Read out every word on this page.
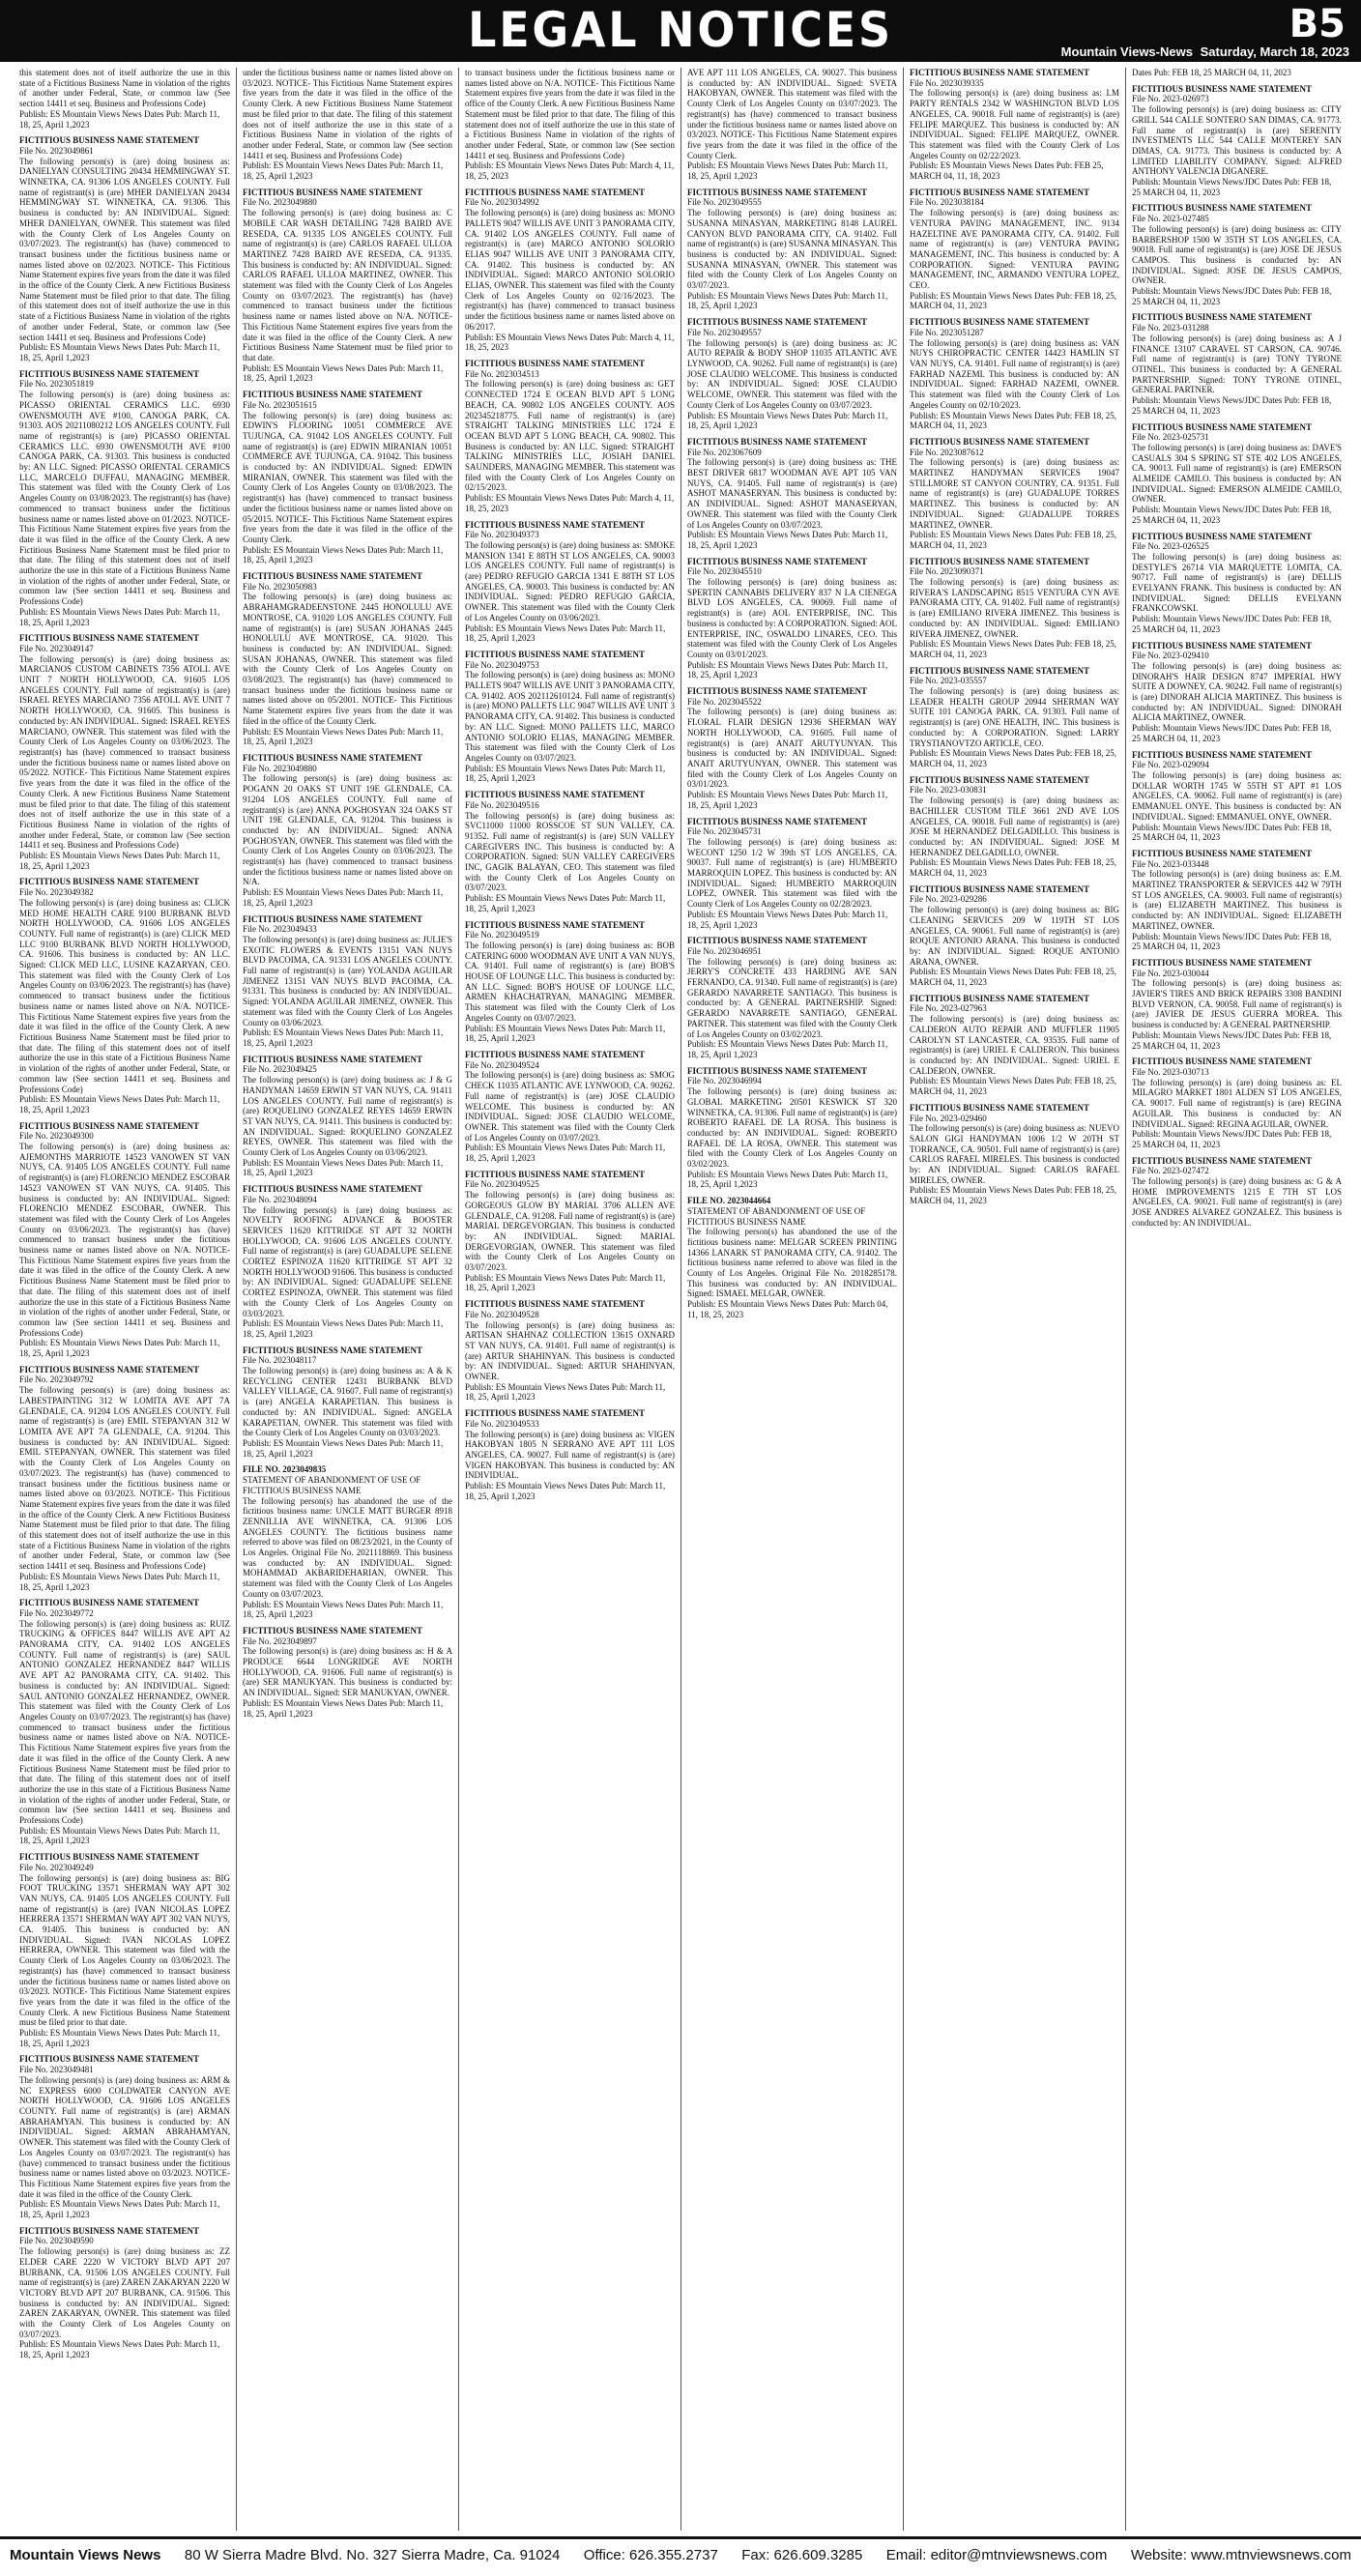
LEGAL NOTICES	B5
Mountain Views-News Saturday, March 18, 2023
this statement does not of itself authorize the use in this state of a Fictitious Business Name in violation of the rights of another under Federal, State, or common law (See section 14411 et seq. Business and Professions Code)
Publish: ES Mountain Views News Dates Pub: March 11, 18, 25, April 1,2023
FICTITIOUS BUSINESS NAME STATEMENT
File No. 2023049861
The following person(s) is (are) doing business as: DANIELYAN CONSULTING 20434 HEMMINGWAY ST. WINNETKA, CA. 91306 LOS ANGELES COUNTY. Full name of registrant(s) is (are) MHER DANIELYAN 20434 HEMMINGWAY ST. WINNETKA, CA. 91306. This business is conducted by: AN INDIVIDUAL. Signed: MHER DANIELYAN, OWNER. This statement was filed with the County Clerk of Los Angeles County on 03/07/2023. The registrant(s) has (have) commenced to transact business under the fictitious business name or names listed above on 02/2023. NOTICE- This Fictitious Name Statement expires five years from the date it was filed in the office of the County Clerk. A new Fictitious Business Name Statement must be filed prior to that date. The filing of this statement does not of itself authorize the use in this state of a Fictitious Business Name in violation of the rights of another under Federal, State, or common law (See section 14411 et seq. Business and Professions Code)
Publish: ES Mountain Views News Dates Pub: March 11, 18, 25, April 1,2023
FICTITIOUS BUSINESS NAME STATEMENT
File No. 2023051819
The following person(s) is (are) doing business as: PICASSO ORIENTAL CERAMICS LLC. 6930 OWENSMOUTH AVE #100, CANOGA PARK, CA. 91303. AOS 20211080212 LOS ANGELES COUNTY. Full name of registrant(s) is (are) PICASSO ORIENTAL CERAMICS LLC. 6930 OWENSMOUTH AVE #100 CANOGA PARK, CA. 91303. This business is conducted by: AN LLC. Signed: PICASSO ORIENTAL CERAMICS LLC, MARCELO DUFFAU, MANAGING MEMBER. This statement was filed with the County Clerk of Los Angeles County on 03/08/2023. The registrant(s) has (have) commenced to transact business under the fictitious business name or names listed above on 01/2023. NOTICE- This Fictitious Name Statement expires five years from the date it was filed in the office of the County Clerk. A new Fictitious Business Name Statement must be filed prior to that date. The filing of this statement does not of itself authorize the use in this state of a Fictitious Business Name in violation of the rights of another under Federal, State, or common law (See section 14411 et seq. Business and Professions Code)
Publish: ES Mountain Views News Dates Pub: March 11, 18, 25, April 1,2023
FICTITIOUS BUSINESS NAME STATEMENT
File No. 2023049147
The following person(s) is (are) doing business as: MARCIANOS CUSTOM CABINETS 7356 ATOLL AVE UNIT 7 NORTH HOLLYWOOD, CA. 91605 LOS ANGELES COUNTY. Full name of registrant(s) is (are) ISRAEL REYES MARCIANO 7356 ATOLL AVE UNIT 7 NORTH HOLLYWOOD, CA. 91605. This business is conducted by: AN INDIVIDUAL. Signed: ISRAEL REYES MARCIANO, OWNER. This statement was filed with the County Clerk of Los Angeles County on 03/06/2023. The registrant(s) has (have) commenced to transact business under the fictitious business name or names listed above on 05/2022. NOTICE- This Fictitious Name Statement expires five years from the date it was filed in the office of the County Clerk. A new Fictitious Business Name Statement must be filed prior to that date. The filing of this statement does not of itself authorize the use in this state of a Fictitious Business Name in violation of the rights of another under Federal, State, or common law (See section 14411 et seq. Business and Professions Code)
Publish: ES Mountain Views News Dates Pub: March 11, 18, 25, April 1,2023
FICTITIOUS BUSINESS NAME STATEMENT
File No. 2023049382
The following person(s) is (are) doing business as: CLICK MED HOME HEALTH CARE 9100 BURBANK BLVD NORTH HOLLYWOOD, CA. 91606 LOS ANGELES COUNTY. Full name of registrant(s) is (are) CLICK MED LLC 9100 BURBANK BLVD NORTH HOLLYWOOD, CA. 91606. This business is conducted by: AN LLC. Signed: CLICK MED LLC, LUSINE KAZARYAN, CEO. This statement was filed with the County Clerk of Los Angeles County on 03/06/2023. The registrant(s) has (have) commenced to transact business under the fictitious business name or names listed above on N/A. NOTICE- This Fictitious Name Statement expires five years from the date it was filed in the office of the County Clerk. A new Fictitious Business Name Statement must be filed prior to that date. The filing of this statement does not of itself authorize the use in this state of a Fictitious Business Name in violation of the rights of another under Federal, State, or common law (See section 14411 et seq. Business and Professions Code)
Publish: ES Mountain Views News Dates Pub: March 11, 18, 25, April 1,2023
FICTITIOUS BUSINESS NAME STATEMENT
File No. 2023049300
The following person(s) is (are) doing business as: AJEMONTHS MARRIOTE 14523 VANOWEN ST VAN NUYS, CA. 91405 LOS ANGELES COUNTY. Full name of registrant(s) is (are) FLORENCIO MENDEZ ESCOBAR 14523 VANOWEN ST VAN NUYS, CA. 91405. This business is conducted by: AN INDIVIDUAL. Signed: FLORENCIO MENDEZ ESCOBAR, OWNER. This statement was filed with the County Clerk of Los Angeles County on 03/06/2023. The registrant(s) has (have) commenced to transact business under the fictitious business name or names listed above on N/A. NOTICE- This Fictitious Name Statement expires five years from the date it was filed in the office of the County Clerk. A new Fictitious Business Name Statement must be filed prior to that date. The filing of this statement does not of itself authorize the use in this state of a Fictitious Business Name in violation of the rights of another under Federal, State, or common law (See section 14411 et seq. Business and Professions Code)
Publish: ES Mountain Views News Dates Pub: March 11, 18, 25, April 1,2023
FICTITIOUS BUSINESS NAME STATEMENT
File No. 2023049792
The following person(s) is (are) doing business as: LABESTPAINTING 312 W LOMITA AVE APT 7A GLENDALE, CA. 91204 LOS ANGELES COUNTY. Full name of registrant(s) is (are) EMIL STEPANYAN 312 W LOMITA AVE APT 7A GLENDALE, CA. 91204. This business is conducted by: AN INDIVIDUAL. Signed: EMIL STEPANYAN, OWNER. This statement was filed with the County Clerk of Los Angeles County on 03/07/2023. The registrant(s) has (have) commenced to transact business under the fictitious business name or names listed above on 03/2023. NOTICE- This Fictitious Name Statement expires five years from the date it was filed in the office of the County Clerk. A new Fictitious Business Name Statement must be filed prior to that date. The filing of this statement does not of itself authorize the use in this state of a Fictitious Business Name in violation of the rights of another under Federal, State, or common law (See section 14411 et seq. Business and Professions Code)
Publish: ES Mountain Views News Dates Pub: March 11, 18, 25, April 1,2023
FICTITIOUS BUSINESS NAME STATEMENT
File No. 2023049772
The following person(s) is (are) doing business as: RUIZ TRUCKING & OFFICES 8447 WILLIS AVE APT A2 PANORAMA CITY, CA. 91402 LOS ANGELES COUNTY. Full name of registrant(s) is (are) SAUL ANTONIO GONZALEZ HERNANDEZ 8447 WILLIS AVE APT A2 PANORAMA CITY, CA. 91402. This business is conducted by: AN INDIVIDUAL. Signed: SAUL ANTONIO GONZALEZ HERNANDEZ, OWNER. This statement was filed with the County Clerk of Los Angeles County on 03/07/2023. The registrant(s) has (have) commenced to transact business under the fictitious business name or names listed above on N/A. NOTICE- This Fictitious Name Statement expires five years from the date it was filed in the office of the County Clerk. A new Fictitious Business Name Statement must be filed prior to that date. The filing of this statement does not of itself authorize the use in this state of a Fictitious Business Name in violation of the rights of another under Federal, State, or common law (See section 14411 et seq. Business and Professions Code)
Publish: ES Mountain Views News Dates Pub: March 11, 18, 25, April 1,2023
FICTITIOUS BUSINESS NAME STATEMENT
File No. 2023049249
The following person(s) is (are) doing business as: BIG FOOT TRUCKING 13571 SHERMAN WAY APT 302 VAN NUYS, CA. 91405 LOS ANGELES COUNTY. Full name of registrant(s) is (are) IVAN NICOLAS LOPEZ HERRERA 13571 SHERMAN WAY APT 302 VAN NUYS, CA. 91405. This business is conducted by: AN INDIVIDUAL. Signed: IVAN NICOLAS LOPEZ HERRERA, OWNER. This statement was filed with the County Clerk of Los Angeles County on 03/06/2023. The registrant(s) has (have) commenced to transact business under the fictitious business name or names listed above on 03/2023. NOTICE- This Fictitious Name Statement expires five years from the date it was filed in the office of the County Clerk. A new Fictitious Business Name Statement must be filed prior to that date.
Publish: ES Mountain Views News Dates Pub: March 11, 18, 25, April 1,2023
FICTITIOUS BUSINESS NAME STATEMENT
File No. 2023049481
The following person(s) is (are) doing business as: ARM & NC EXPRESS 6000 COLDWATER CANYON AVE NORTH HOLLYWOOD, CA. 91606 LOS ANGELES COUNTY. Full name of registrant(s) is (are) ARMAN ABRAHAMYAN. This business is conducted by: AN INDIVIDUAL. Signed: ARMAN ABRAHAMYAN, OWNER. This statement was filed with the County Clerk of Los Angeles County on 03/07/2023. The registrant(s) has (have) commenced to transact business under the fictitious business name or names listed above on 03/2023. NOTICE- This Fictitious Name Statement expires five years from the date it was filed in the office of the County Clerk.
Publish: ES Mountain Views News Dates Pub: March 11, 18, 25, April 1,2023
FICTITIOUS BUSINESS NAME STATEMENT
File No. 2023049590
The following person(s) is (are) doing business as: ZZ ELDER CARE 2220 W VICTORY BLVD APT 207 BURBANK, CA. 91506 LOS ANGELES COUNTY. Full name of registrant(s) is (are) ZAREN ZAKARYAN 2220 W VICTORY BLVD APT 207 BURBANK, CA. 91506. This business is conducted by: AN INDIVIDUAL. Signed: ZAREN ZAKARYAN, OWNER. This statement was filed with the County Clerk of Los Angeles County on 03/07/2023.
Publish: ES Mountain Views News Dates Pub: March 11, 18, 25, April 1,2023
under the fictitious business name or names listed above on 03/2023. NOTICE- This Fictitious Name Statement expires five years from the date it was filed in the office of the County Clerk. A new Fictitious Business Name Statement must be filed prior to that date. The filing of this statement does not of itself authorize the use in this state of a Fictitious Business Name in violation of the rights of another under Federal, State, or common law (See section 14411 et seq. Business and Professions Code)
Publish: ES Mountain Views News Dates Pub: March 11, 18, 25, April 1,2023
FICTITIOUS BUSINESS NAME STATEMENT
File No. 2023049880
The following person(s) is (are) doing business as: C MOBILE CAR WASH DETAILING 7428 BAIRD AVE RESEDA, CA. 91335 LOS ANGELES COUNTY. Full name of registrant(s) is (are) CARLOS RAFAEL ULLOA MARTINEZ 7428 BAIRD AVE RESEDA, CA. 91335. This business is conducted by: AN INDIVIDUAL. Signed: CARLOS RAFAEL ULLOA MARTINEZ, OWNER. This statement was filed with the County Clerk of Los Angeles County on 03/07/2023. The registrant(s) has (have) commenced to transact business under the fictitious business name or names listed above on N/A. NOTICE- This Fictitious Name Statement expires five years from the date it was filed in the office of the County Clerk. A new Fictitious Business Name Statement must be filed prior to that date.
Publish: ES Mountain Views News Dates Pub: March 11, 18, 25, April 1,2023
FICTITIOUS BUSINESS NAME STATEMENT
File No. 2023051615
The following person(s) is (are) doing business as: EDWIN'S FLOORING 10051 COMMERCE AVE TUJUNGA, CA. 91042 LOS ANGELES COUNTY. Full name of registrant(s) is (are) EDWIN MIRANIAN 10051 COMMERCE AVE TUJUNGA, CA. 91042. This business is conducted by: AN INDIVIDUAL. Signed: EDWIN MIRANIAN, OWNER. This statement was filed with the County Clerk of Los Angeles County on 03/08/2023. The registrant(s) has (have) commenced to transact business under the fictitious business name or names listed above on 05/2015. NOTICE- This Fictitious Name Statement expires five years from the date it was filed in the office of the County Clerk.
Publish: ES Mountain Views News Dates Pub: March 11, 18, 25, April 1,2023
FICTITIOUS BUSINESS NAME STATEMENT
File No. 2023050983
The following person(s) is (are) doing business as: ABRAHAMGRADEENSTONE 2445 HONOLULU AVE MONTROSE, CA. 91020 LOS ANGELES COUNTY. Full name of registrant(s) is (are) SUSAN JOHANAS 2445 HONOLULU AVE MONTROSE, CA. 91020. This business is conducted by: AN INDIVIDUAL. Signed: SUSAN JOHANAS, OWNER. This statement was filed with the County Clerk of Los Angeles County on 03/08/2023. The registrant(s) has (have) commenced to transact business under the fictitious business name or names listed above on 05/2001. NOTICE- This Fictitious Name Statement expires five years from the date it was filed in the office of the County Clerk.
Publish: ES Mountain Views News Dates Pub: March 11, 18, 25, April 1,2023
FICTITIOUS BUSINESS NAME STATEMENT
File No. 2023049880
The following person(s) is (are) doing business as: POGANN 20 OAKS ST UNIT 19E GLENDALE, CA. 91204 LOS ANGELES COUNTY. Full name of registrant(s) is (are) ANNA POGHOSYAN 324 OAKS ST UNIT 19E GLENDALE, CA. 91204. This business is conducted by: AN INDIVIDUAL. Signed: ANNA POGHOSYAN, OWNER. This statement was filed with the County Clerk of Los Angeles County on 03/06/2023. The registrant(s) has (have) commenced to transact business under the fictitious business name or names listed above on N/A.
Publish: ES Mountain Views News Dates Pub: March 11, 18, 25, April 1,2023
FICTITIOUS BUSINESS NAME STATEMENT
File No. 2023049433
The following person(s) is (are) doing business as: JULIE'S EXOTIC FLOWERS & EVENTS 13151 VAN NUYS BLVD PACOIMA, CA. 91331 LOS ANGELES COUNTY. Full name of registrant(s) is (are) YOLANDA AGUILAR JIMENEZ 13151 VAN NUYS BLVD PACOIMA, CA. 91331. This business is conducted by: AN INDIVIDUAL. Signed: YOLANDA AGUILAR JIMENEZ, OWNER. This statement was filed with the County Clerk of Los Angeles County on 03/06/2023.
Publish: ES Mountain Views News Dates Pub: March 11, 18, 25, April 1,2023
FICTITIOUS BUSINESS NAME STATEMENT
File No. 2023049425
The following person(s) is (are) doing business as: J & G HANDYMAN 14659 ERWIN ST VAN NUYS, CA. 91411 LOS ANGELES COUNTY. Full name of registrant(s) is (are) ROQUELINO GONZALEZ REYES 14659 ERWIN ST VAN NUYS, CA. 91411. This business is conducted by: AN INDIVIDUAL. Signed: ROQUELINO GONZALEZ REYES, OWNER. This statement was filed with the County Clerk of Los Angeles County on 03/06/2023.
Publish: ES Mountain Views News Dates Pub: March 11, 18, 25, April 1,2023
FICTITIOUS BUSINESS NAME STATEMENT
File No. 2023048094
The following person(s) is (are) doing business as: NOVELTY ROOFING ADVANCE & BOOSTER SERVICES 11620 KITTRIDGE ST APT 32 NORTH HOLLYWOOD, CA. 91606 LOS ANGELES COUNTY. Full name of registrant(s) is (are) GUADALUPE SELENE CORTEZ ESPINOZA 11620 KITTRIDGE ST APT 32 NORTH HOLLYWOOD 91606. This business is conducted by: AN INDIVIDUAL. Signed: GUADALUPE SELENE CORTEZ ESPINOZA, OWNER. This statement was filed with the County Clerk of Los Angeles County on 03/03/2023.
Publish: ES Mountain Views News Dates Pub: March 11, 18, 25, April 1,2023
FICTITIOUS BUSINESS NAME STATEMENT
File No. 2023048117
The following person(s) is (are) doing business as: A & K RECYCLING CENTER 12431 BURBANK BLVD VALLEY VILLAGE, CA. 91607. Full name of registrant(s) is (are) ANGELA KARAPETIAN. This business is conducted by: AN INDIVIDUAL. Signed: ANGELA KARAPETIAN, OWNER. This statement was filed with the County Clerk of Los Angeles County on 03/03/2023.
Publish: ES Mountain Views News Dates Pub: March 11, 18, 25, April 1,2023
FILE NO. 2023049835
STATEMENT OF ABANDONMENT OF USE OF FICTITIOUS BUSINESS NAME
The following person(s) has abandoned the use of the fictitious business name: UNCLE MATT BURGER 8918 ZENNILLIA AVE WINNETKA, CA. 91306 LOS ANGELES COUNTY. The fictitious business name referred to above was filed on 08/23/2021, in the County of Los Angeles. Original File No. 2021118869. This business was conducted by: AN INDIVIDUAL. Signed: MOHAMMAD AKBARIDEHARIAN, OWNER. This statement was filed with the County Clerk of Los Angeles County on 03/07/2023.
Publish: ES Mountain Views News Dates Pub: March 11, 18, 25, April 1,2023
FICTITIOUS BUSINESS NAME STATEMENT
File No. 2023049897
The following person(s) is (are) doing business as: H & A PRODUCE 6644 LONGRIDGE AVE NORTH HOLLYWOOD, CA. 91606. Full name of registrant(s) is (are) SER MANUKYAN. This business is conducted by: AN INDIVIDUAL. Signed: SER MANUKYAN, OWNER.
Publish: ES Mountain Views News Dates Pub: March 11, 18, 25, April 1,2023
to transact business under the fictitious business name or names listed above on N/A. NOTICE- This Fictitious Name Statement expires five years from the date it was filed in the office of the County Clerk. A new Fictitious Business Name Statement must be filed prior to that date. The filing of this statement does not of itself authorize the use in this state of a Fictitious Business Name in violation of the rights of another under Federal, State, or common law (See section 14411 et seq. Business and Professions Code)
Publish: ES Mountain Views News Dates Pub: March 4, 11, 18, 25, 2023
FICTITIOUS BUSINESS NAME STATEMENT
File No. 2023034992
The following person(s) is (are) doing business as: MONO PALLETS 9047 WILLIS AVE UNIT 3 PANORAMA CITY, CA. 91402 LOS ANGELES COUNTY. Full name of registrant(s) is (are) MARCO ANTONIO SOLORIO ELIAS 9047 WILLIS AVE UNIT 3 PANORAMA CITY, CA. 91402. This business is conducted by: AN INDIVIDUAL. Signed: MARCO ANTONIO SOLORIO ELIAS, OWNER. This statement was filed with the County Clerk of Los Angeles County on 02/16/2023. The registrant(s) has (have) commenced to transact business under the fictitious business name or names listed above on 06/2017.
Publish: ES Mountain Views News Dates Pub: March 4, 11, 18, 25, 2023
FICTITIOUS BUSINESS NAME STATEMENT
File No. 2023034513
The following person(s) is (are) doing business as: GET CONNECTED 1724 E OCEAN BLVD APT 5 LONG BEACH, CA. 90802 LOS ANGELES COUNTY. AOS 202345218775. Full name of registrant(s) is (are) STRAIGHT TALKING MINISTRIES LLC 1724 E OCEAN BLVD APT 5 LONG BEACH, CA. 90802. This Business is conducted by: AN LLC. Signed: STRAIGHT TALKING MINISTRIES LLC, JOSIAH DANIEL SAUNDERS, MANAGING MEMBER. This statement was filed with the County Clerk of Los Angeles County on 02/15/2023.
Publish: ES Mountain Views News Dates Pub: March 4, 11, 18, 25, 2023
FICTITIOUS BUSINESS NAME STATEMENT
File No. 2023049373
The following person(s) is (are) doing business as: SMOKE MANSION 1341 E 88TH ST LOS ANGELES, CA. 90003 LOS ANGELES COUNTY. Full name of registrant(s) is (are) PEDRO REFUGIO GARCIA 1341 E 88TH ST LOS ANGELES, CA. 90003. This business is conducted by: AN INDIVIDUAL. Signed: PEDRO REFUGIO GARCIA, OWNER. This statement was filed with the County Clerk of Los Angeles County on 03/06/2023.
Publish: ES Mountain Views News Dates Pub: March 11, 18, 25, April 1,2023
FICTITIOUS BUSINESS NAME STATEMENT
File No. 2023049753
The following person(s) is (are) doing business as: MONO PALLETS 9047 WILLIS AVE UNIT 3 PANORAMA CITY, CA. 91402. AOS 202112610124. Full name of registrant(s) is (are) MONO PALLETS LLC 9047 WILLIS AVE UNIT 3 PANORAMA CITY, CA. 91402. This business is conducted by: AN LLC. Signed: MONO PALLETS LLC, MARCO ANTONIO SOLORIO ELIAS, MANAGING MEMBER. This statement was filed with the County Clerk of Los Angeles County on 03/07/2023.
Publish: ES Mountain Views News Dates Pub: March 11, 18, 25, April 1,2023
FICTITIOUS BUSINESS NAME STATEMENT
File No. 2023049516
The following person(s) is (are) doing business as: SVC11000 11000 ROSSCOE ST SUN VALLEY, CA. 91352. Full name of registrant(s) is (are) SUN VALLEY CAREGIVERS INC. This business is conducted by: A CORPORATION. Signed: SUN VALLEY CAREGIVERS INC, GAGIK BALAYAN, CEO. This statement was filed with the County Clerk of Los Angeles County on 03/07/2023.
Publish: ES Mountain Views News Dates Pub: March 11, 18, 25, April 1,2023
FICTITIOUS BUSINESS NAME STATEMENT
File No. 2023049519
The following person(s) is (are) doing business as: BOB CATERING 6000 WOODMAN AVE UNIT A VAN NUYS, CA. 91401. Full name of registrant(s) is (are) BOB'S HOUSE OF LOUNGE LLC. This business is conducted by: AN LLC. Signed: BOB'S HOUSE OF LOUNGE LLC, ARMEN KHACHATRYAN, MANAGING MEMBER. This statement was filed with the County Clerk of Los Angeles County on 03/07/2023.
Publish: ES Mountain Views News Dates Pub: March 11, 18, 25, April 1,2023
FICTITIOUS BUSINESS NAME STATEMENT
File No. 2023049524
The following person(s) is (are) doing business as: SMOG CHECK 11035 ATLANTIC AVE LYNWOOD, CA. 90262. Full name of registrant(s) is (are) JOSE CLAUDIO WELCOME. This business is conducted by: AN INDIVIDUAL. Signed: JOSE CLAUDIO WELCOME, OWNER. This statement was filed with the County Clerk of Los Angeles County on 03/07/2023.
Publish: ES Mountain Views News Dates Pub: March 11, 18, 25, April 1,2023
FICTITIOUS BUSINESS NAME STATEMENT
File No. 2023049525
The following person(s) is (are) doing business as: GORGEOUS GLOW BY MARIAL 3706 ALLEN AVE GLENDALE, CA. 91208. Full name of registrant(s) is (are) MARIAL DERGEVORGIAN. This business is conducted by: AN INDIVIDUAL. Signed: MARIAL DERGEVORGIAN, OWNER. This statement was filed with the County Clerk of Los Angeles County on 03/07/2023.
Publish: ES Mountain Views News Dates Pub: March 11, 18, 25, April 1,2023
FICTITIOUS BUSINESS NAME STATEMENT
File No. 2023049528
The following person(s) is (are) doing business as: ARTISAN SHAHNAZ COLLECTION 13615 OXNARD ST VAN NUYS, CA. 91401. Full name of registrant(s) is (are) ARTUR SHAHINYAN. This business is conducted by: AN INDIVIDUAL. Signed: ARTUR SHAHINYAN, OWNER.
Publish: ES Mountain Views News Dates Pub: March 11, 18, 25, April 1,2023
FICTITIOUS BUSINESS NAME STATEMENT
File No. 2023049533
The following person(s) is (are) doing business as: VIGEN HAKOBYAN 1805 N SERRANO AVE APT 111 LOS ANGELES, CA. 90027. Full name of registrant(s) is (are) VIGEN HAKOBYAN. This business is conducted by: AN INDIVIDUAL.
Publish: ES Mountain Views News Dates Pub: March 11, 18, 25, April 1,2023
AVE APT 111 LOS ANGELES, CA. 90027. This business is conducted by: AN INDIVIDUAL. Signed: SVETA HAKOBYAN, OWNER. This statement was filed with the County Clerk of Los Angeles County on 03/07/2023. The registrant(s) has (have) commenced to transact business under the fictitious business name or names listed above on 03/2023. NOTICE- This Fictitious Name Statement expires five years from the date it was filed in the office of the County Clerk.
Publish: ES Mountain Views News Dates Pub: March 11, 18, 25, April 1,2023
FICTITIOUS BUSINESS NAME STATEMENT
File No. 2023049555
The following person(s) is (are) doing business as: SUSANNA MINASYAN, MARKETING 8148 LAUREL CANYON BLVD PANORAMA CITY, CA. 91402. Full name of registrant(s) is (are) SUSANNA MINASYAN. This business is conducted by: AN INDIVIDUAL. Signed: SUSANNA MINASYAN, OWNER. This statement was filed with the County Clerk of Los Angeles County on 03/07/2023.
Publish: ES Mountain Views News Dates Pub: March 11, 18, 25, April 1,2023
FICTITIOUS BUSINESS NAME STATEMENT
File No. 2023049557
The following person(s) is (are) doing business as: JC AUTO REPAIR & BODY SHOP 11035 ATLANTIC AVE LYNWOOD, CA. 90262. Full name of registrant(s) is (are) JOSE CLAUDIO WELCOME. This business is conducted by: AN INDIVIDUAL. Signed: JOSE CLAUDIO WELCOME, OWNER. This statement was filed with the County Clerk of Los Angeles County on 03/07/2023.
Publish: ES Mountain Views News Dates Pub: March 11, 18, 25, April 1,2023
FICTITIOUS BUSINESS NAME STATEMENT
File No. 2023067609
The following person(s) is (are) doing business as: THE BEST DRIVER 6817 WOODMAN AVE APT 105 VAN NUYS, CA. 91405. Full name of registrant(s) is (are) ASHOT MANASERYAN. This business is conducted by: AN INDIVIDUAL. Signed: ASHOT MANASERYAN, OWNER. This statement was filed with the County Clerk of Los Angeles County on 03/07/2023.
Publish: ES Mountain Views News Dates Pub: March 11, 18, 25, April 1,2023
FICTITIOUS BUSINESS NAME STATEMENT
File No. 2023045510
The following person(s) is (are) doing business as: SPERTIN CANNABIS DELIVERY 837 N LA CIENEGA BLVD LOS ANGELES, CA. 90069. Full name of registrant(s) is (are) AOL ENTERPRISE, INC. This business is conducted by: A CORPORATION. Signed: AOL ENTERPRISE, INC, OSWALDO LINARES, CEO. This statement was filed with the County Clerk of Los Angeles County on 03/01/2023.
Publish: ES Mountain Views News Dates Pub: March 11, 18, 25, April 1,2023
FICTITIOUS BUSINESS NAME STATEMENT
File No. 2023045522
The following person(s) is (are) doing business as: FLORAL FLAIR DESIGN 12936 SHERMAN WAY NORTH HOLLYWOOD, CA. 91605. Full name of registrant(s) is (are) ANAIT ARUTYUNYAN. This business is conducted by: AN INDIVIDUAL. Signed: ANAIT ARUTYUNYAN, OWNER. This statement was filed with the County Clerk of Los Angeles County on 03/01/2023.
Publish: ES Mountain Views News Dates Pub: March 11, 18, 25, April 1,2023
FICTITIOUS BUSINESS NAME STATEMENT
File No. 2023045731
The following person(s) is (are) doing business as: WECONT 1250 1/2 W 39th ST LOS ANGELES, CA. 90037. Full name of registrant(s) is (are) HUMBERTO MARROQUIN LOPEZ. This business is conducted by: AN INDIVIDUAL. Signed: HUMBERTO MARROQUIN LOPEZ, OWNER. This statement was filed with the County Clerk of Los Angeles County on 02/28/2023.
Publish: ES Mountain Views News Dates Pub: March 11, 18, 25, April 1,2023
FICTITIOUS BUSINESS NAME STATEMENT
File No. 2023046951
The following person(s) is (are) doing business as: JERRY'S CONCRETE 433 HARDING AVE SAN FERNANDO, CA. 91340. Full name of registrant(s) is (are) GERARDO NAVARRETE SANTIAGO. This business is conducted by: A GENERAL PARTNERSHIP. Signed: GERARDO NAVARRETE SANTIAGO, GENERAL PARTNER. This statement was filed with the County Clerk of Los Angeles County on 03/02/2023.
Publish: ES Mountain Views News Dates Pub: March 11, 18, 25, April 1,2023
FICTITIOUS BUSINESS NAME STATEMENT
File No. 2023046994
The following person(s) is (are) doing business as: GLOBAL MARKETING 20501 KESWICK ST 320 WINNETKA, CA. 91306. Full name of registrant(s) is (are) ROBERTO RAFAEL DE LA ROSA. This business is conducted by: AN INDIVIDUAL. Signed: ROBERTO RAFAEL DE LA ROSA, OWNER. This statement was filed with the County Clerk of Los Angeles County on 03/02/2023.
Publish: ES Mountain Views News Dates Pub: March 11, 18, 25, April 1,2023
FILE NO. 2023044664
STATEMENT OF ABANDONMENT OF USE OF FICTITIOUS BUSINESS NAME
The following person(s) has abandoned the use of the fictitious business name: MELGAR SCREEN PRINTING 14366 LANARK ST PANORAMA CITY, CA. 91402. The fictitious business name referred to above was filed in the County of Los Angeles. Original File No. 2018285178. This business was conducted by: AN INDIVIDUAL. Signed: ISMAEL MELGAR, OWNER.
Publish: ES Mountain Views News Dates Pub: March 04, 11, 18, 25, 2023
FICTITIOUS BUSINESS NAME STATEMENT
File No. 2023039335
The following person(s) is (are) doing business as: LM PARTY RENTALS 2342 W WASHINGTON BLVD LOS ANGELES, CA. 90018. Full name of registrant(s) is (are) FELIPE MARQUEZ. This business is conducted by: AN INDIVIDUAL. Signed: FELIPE MARQUEZ, OWNER. This statement was filed with the County Clerk of Los Angeles County on 02/22/2023.
Publish: ES Mountain Views News Dates Pub: FEB 25, MARCH 04, 11, 18, 2023
FICTITIOUS BUSINESS NAME STATEMENT
File No. 2023038184
The following person(s) is (are) doing business as: VENTURA PAVING MANAGEMENT, INC. 9134 HAZELTINE AVE PANORAMA CITY, CA. 91402. Full name of registrant(s) is (are) VENTURA PAVING MANAGEMENT, INC. This business is conducted by: A CORPORATION. Signed: VENTURA PAVING MANAGEMENT, INC, ARMANDO VENTURA LOPEZ, CEO.
Publish: ES Mountain Views News Dates Pub: FEB 18, 25, MARCH 04, 11, 2023
FICTITIOUS BUSINESS NAME STATEMENT
File No. 2023051287
The following person(s) is (are) doing business as: VAN NUYS CHIROPRACTIC CENTER 14423 HAMLIN ST VAN NUYS, CA. 91401. Full name of registrant(s) is (are) FARHAD NAZEMI. This business is conducted by: AN INDIVIDUAL. Signed: FARHAD NAZEMI, OWNER. This statement was filed with the County Clerk of Los Angeles County on 02/10/2023.
Publish: ES Mountain Views News Dates Pub: FEB 18, 25, MARCH 04, 11, 2023
FICTITIOUS BUSINESS NAME STATEMENT
File No. 2023087612
The following person(s) is (are) doing business as: MARTINEZ HANDYMAN SERVICES 19047 STILLMORE ST CANYON COUNTRY, CA. 91351. Full name of registrant(s) is (are) GUADALUPE TORRES MARTINEZ. This business is conducted by: AN INDIVIDUAL. Signed: GUADALUPE TORRES MARTINEZ, OWNER.
Publish: ES Mountain Views News Dates Pub: FEB 18, 25, MARCH 04, 11, 2023
FICTITIOUS BUSINESS NAME STATEMENT
File No. 2023090371
The following person(s) is (are) doing business as: RIVERA'S LANDSCAPING 8515 VENTURA CYN AVE PANORAMA CITY, CA. 91402. Full name of registrant(s) is (are) EMILIANO RIVERA JIMENEZ. This business is conducted by: AN INDIVIDUAL. Signed: EMILIANO RIVERA JIMENEZ, OWNER.
Publish: ES Mountain Views News Dates Pub: FEB 18, 25, MARCH 04, 11, 2023
FICTITIOUS BUSINESS NAME STATEMENT
File No. 2023-035557
The following person(s) is (are) doing business as: LEADER HEALTH GROUP 20944 SHERMAN WAY SUITE 101 CANOGA PARK, CA. 91303. Full name of registrant(s) is (are) ONE HEALTH, INC. This business is conducted by: A CORPORATION. Signed: LARRY TRYSTIANOVTZO ARTICLE, CEO.
Publish: ES Mountain Views News Dates Pub: FEB 18, 25, MARCH 04, 11, 2023
FICTITIOUS BUSINESS NAME STATEMENT
File No. 2023-030831
The following person(s) is (are) doing business as: BACHILLER CUSTOM TILE 3661 2ND AVE LOS ANGELES, CA. 90018. Full name of registrant(s) is (are) JOSE M HERNANDEZ DELGADILLO. This business is conducted by: AN INDIVIDUAL. Signed: JOSE M HERNANDEZ DELGADILLO, OWNER.
Publish: ES Mountain Views News Dates Pub: FEB 18, 25, MARCH 04, 11, 2023
FICTITIOUS BUSINESS NAME STATEMENT
File No. 2023-029286
The following person(s) is (are) doing business as: BIG CLEANING SERVICES 209 W 119TH ST LOS ANGELES, CA. 90061. Full name of registrant(s) is (are) ROQUE ANTONIO ARANA. This business is conducted by: AN INDIVIDUAL. Signed: ROQUE ANTONIO ARANA, OWNER.
Publish: ES Mountain Views News Dates Pub: FEB 18, 25, MARCH 04, 11, 2023
FICTITIOUS BUSINESS NAME STATEMENT
File No. 2023-027963
The following person(s) is (are) doing business as: CALDERON AUTO REPAIR AND MUFFLER 11905 CAROLYN ST LANCASTER, CA. 93535. Full name of registrant(s) is (are) URIEL E CALDERON. This business is conducted by: AN INDIVIDUAL. Signed: URIEL E CALDERON, OWNER.
Publish: ES Mountain Views News Dates Pub: FEB 18, 25, MARCH 04, 11, 2023
FICTITIOUS BUSINESS NAME STATEMENT
File No. 2023-029460
The following person(s) is (are) doing business as: NUEVO SALON GIGI HANDYMAN 1006 1/2 W 20TH ST TORRANCE, CA. 90501. Full name of registrant(s) is (are) CARLOS RAFAEL MIRELES. This business is conducted by: AN INDIVIDUAL. Signed: CARLOS RAFAEL MIRELES, OWNER.
Publish: ES Mountain Views News Dates Pub: FEB 18, 25, MARCH 04, 11, 2023
Dates Pub: FEB 18, 25 MARCH 04, 11, 2023
FICTITIOUS BUSINESS NAME STATEMENT
File No. 2023-026973
The following person(s) is (are) doing business as: CITY GRILL 544 CALLE SONTERO SAN DIMAS, CA. 91773. Full name of registrant(s) is (are) SERENITY INVESTMENTS LLC 544 CALLE MONTEREY SAN DIMAS, CA. 91773. This business is conducted by: A LIMITED LIABILITY COMPANY. Signed: ALFRED ANTHONY VALENCIA DIGANERE.
Publish: Mountain Views News/JDC Dates Pub: FEB 18, 25 MARCH 04, 11, 2023
FICTITIOUS BUSINESS NAME STATEMENT
File No. 2023-027485
The following person(s) is (are) doing business as: CITY BARBERSHOP 1500 W 35TH ST LOS ANGELES, CA. 90018. Full name of registrant(s) is (are) JOSE DE JESUS CAMPOS. This business is conducted by: AN INDIVIDUAL. Signed: JOSE DE JESUS CAMPOS, OWNER.
Publish: Mountain Views News/JDC Dates Pub: FEB 18, 25 MARCH 04, 11, 2023
FICTITIOUS BUSINESS NAME STATEMENT
File No. 2023-031288
The following person(s) is (are) doing business as: A J FINANCE 13107 CARAVEL ST CARSON, CA. 90746. Full name of registrant(s) is (are) TONY TYRONE OTINEL. This business is conducted by: A GENERAL PARTNERSHIP. Signed: TONY TYRONE OTINEL, GENERAL PARTNER.
Publish: Mountain Views News/JDC Dates Pub: FEB 18, 25 MARCH 04, 11, 2023
FICTITIOUS BUSINESS NAME STATEMENT
File No. 2023-025731
The following person(s) is (are) doing business as: DAVE'S CASUALS 304 S SPRING ST STE 402 LOS ANGELES, CA. 90013. Full name of registrant(s) is (are) EMERSON ALMEIDE CAMILO. This business is conducted by: AN INDIVIDUAL. Signed: EMERSON ALMEIDE CAMILO, OWNER.
Publish: Mountain Views News/JDC Dates Pub: FEB 18, 25 MARCH 04, 11, 2023
FICTITIOUS BUSINESS NAME STATEMENT
File No. 2023-026525
The following person(s) is (are) doing business as: DESTYLE'S 26714 VIA MARQUETTE LOMITA, CA. 90717. Full name of registrant(s) is (are) DELLIS EVELYANN FRANK. This business is conducted by: AN INDIVIDUAL. Signed: DELLIS EVELYANN FRANKCOWSKI.
Publish: Mountain Views News/JDC Dates Pub: FEB 18, 25 MARCH 04, 11, 2023
FICTITIOUS BUSINESS NAME STATEMENT
File No. 2023-029410
The following person(s) is (are) doing business as: DINORAH'S HAIR DESIGN 8747 IMPERIAL HWY SUITE A DOWNEY, CA. 90242. Full name of registrant(s) is (are) DINORAH ALICIA MARTINEZ. This business is conducted by: AN INDIVIDUAL. Signed: DINORAH ALICIA MARTINEZ, OWNER.
Publish: Mountain Views News/JDC Dates Pub: FEB 18, 25 MARCH 04, 11, 2023
FICTITIOUS BUSINESS NAME STATEMENT
File No. 2023-029094
The following person(s) is (are) doing business as: DOLLAR WORTH 1745 W 55TH ST APT #1 LOS ANGELES, CA. 90062. Full name of registrant(s) is (are) EMMANUEL ONYE. This business is conducted by: AN INDIVIDUAL. Signed: EMMANUEL ONYE, OWNER.
Publish: Mountain Views News/JDC Dates Pub: FEB 18, 25 MARCH 04, 11, 2023
FICTITIOUS BUSINESS NAME STATEMENT
File No. 2023-033448
The following person(s) is (are) doing business as: E.M. MARTINEZ TRANSPORTER & SERVICES 442 W 79TH ST LOS ANGELES, CA. 90003. Full name of registrant(s) is (are) ELIZABETH MARTINEZ. This business is conducted by: AN INDIVIDUAL. Signed: ELIZABETH MARTINEZ, OWNER.
Publish: Mountain Views News/JDC Dates Pub: FEB 18, 25 MARCH 04, 11, 2023
FICTITIOUS BUSINESS NAME STATEMENT
File No. 2023-030044
The following person(s) is (are) doing business as: JAVIER'S TIRES AND BRICK REPAIRS 3308 BANDINI BLVD VERNON, CA. 90058. Full name of registrant(s) is (are) JAVIER DE JESUS GUERRA MOREA. This business is conducted by: A GENERAL PARTNERSHIP.
Publish: Mountain Views News/JDC Dates Pub: FEB 18, 25 MARCH 04, 11, 2023
FICTITIOUS BUSINESS NAME STATEMENT
File No. 2023-030713
The following person(s) is (are) doing business as: EL MILAGRO MARKET 1801 ALDEN ST LOS ANGELES, CA. 90017. Full name of registrant(s) is (are) REGINA AGUILAR. This business is conducted by: AN INDIVIDUAL. Signed: REGINA AGUILAR, OWNER.
Publish: Mountain Views News/JDC Dates Pub: FEB 18, 25 MARCH 04, 11, 2023
FICTITIOUS BUSINESS NAME STATEMENT
File No. 2023-027472
The following person(s) is (are) doing business as: G & A HOME IMPROVEMENTS 1215 E 7TH ST LOS ANGELES, CA. 90021. Full name of registrant(s) is (are) JOSE ANDRES ALVAREZ GONZALEZ. This business is conducted by: AN INDIVIDUAL.
Mountain Views News 80 W Sierra Madre Blvd. No. 327 Sierra Madre, Ca. 91024 Office: 626.355.2737 Fax: 626.609.3285 Email: editor@mtnviewsnews.com Website: www.mtnviewsnews.com
